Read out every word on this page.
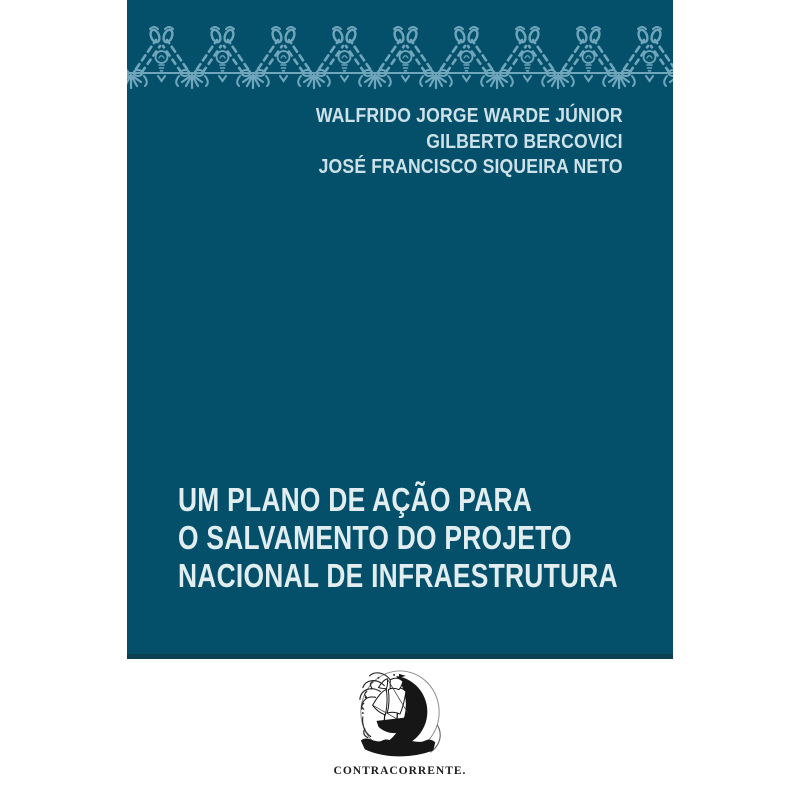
WALFRIDO JORGE WARDE JÚNIOR
GILBERTO BERCOVICI
JOSÉ FRANCISCO SIQUEIRA NETO
UM PLANO DE AÇÃO PARA
O SALVAMENTO DO PROJETO
NACIONAL DE INFRAESTRUTURA
CONTRACORRENTE.
